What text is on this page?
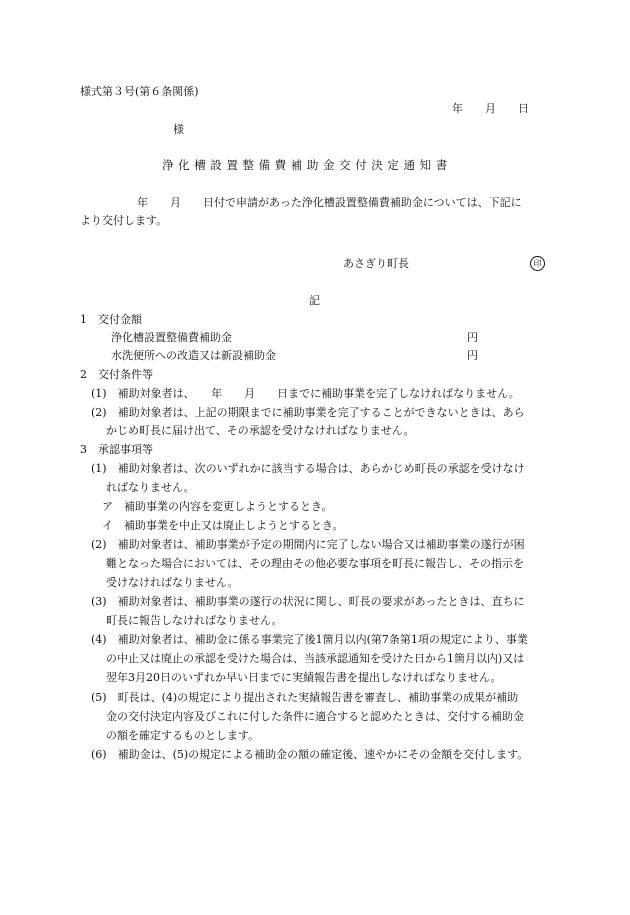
様式第３号(第６条関係)
年　　月　　日
様
浄化槽設置整備費補助金交付決定通知書
年　　月　　日付で申請があった浄化槽設置整備費補助金については、下記に
より交付します。
あさぎり町長	印
記
1　交付金額
浄化槽設置整備費補助金	円
水洗便所への改造又は新設補助金	円
2　交付条件等
(1)　補助対象者は、　　年　　月　　日までに補助事業を完了しなければなりません。
(2)　補助対象者は、上記の期限までに補助事業を完了することができないときは、あら
かじめ町長に届け出て、その承認を受けなければなりません。
3　承認事項等
(1)　補助対象者は、次のいずれかに該当する場合は、あらかじめ町長の承認を受けなけ
ればなりません。
ア　補助事業の内容を変更しようとするとき。
イ　補助事業を中止又は廃止しようとするとき。
(2)　補助対象者は、補助事業が予定の期間内に完了しない場合又は補助事業の遂行が困
難となった場合においては、その理由その他必要な事項を町長に報告し、その指示を
受けなければなりません。
(3)　補助対象者は、補助事業の遂行の状況に関し、町長の要求があったときは、直ちに
町長に報告しなければなりません。
(4)　補助対象者は、補助金に係る事業完了後1箇月以内(第7条第1項の規定により、事業
の中止又は廃止の承認を受けた場合は、当該承認通知を受けた日から1箇月以内)又は
翌年3月20日のいずれか早い日までに実績報告書を提出しなければなりません。
(5)　町長は、(4)の規定により提出された実績報告書を審査し、補助事業の成果が補助
金の交付決定内容及びこれに付した条件に適合すると認めたときは、交付する補助金
の額を確定するものとします。
(6)　補助金は、(5)の規定による補助金の額の確定後、速やかにその金額を交付します。
